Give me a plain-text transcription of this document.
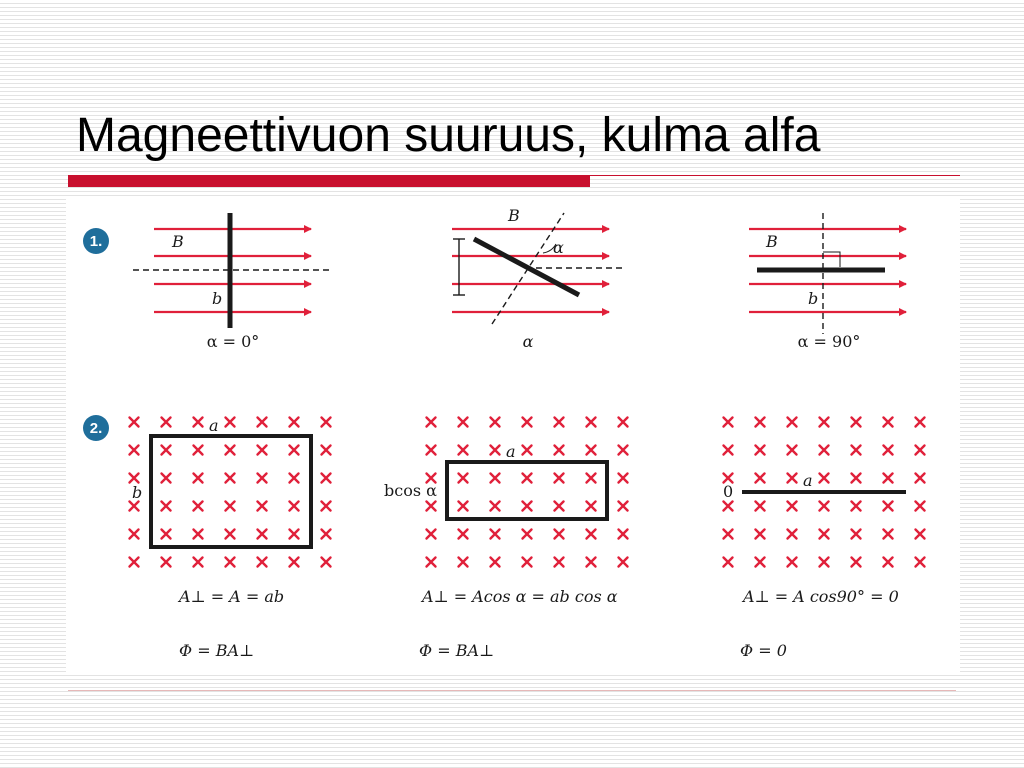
Magneettivuon suuruus, kulma alfa
1.	B
b
α = 0°
B
α
α
B
b
α = 90°
2.	a
b
A⊥ = A = ab
Φ = BA⊥
a
bcos α
A⊥ = Acos α = ab cos α
Φ = BA⊥
a
0
A⊥ = A cos90° = 0
Φ = 0
